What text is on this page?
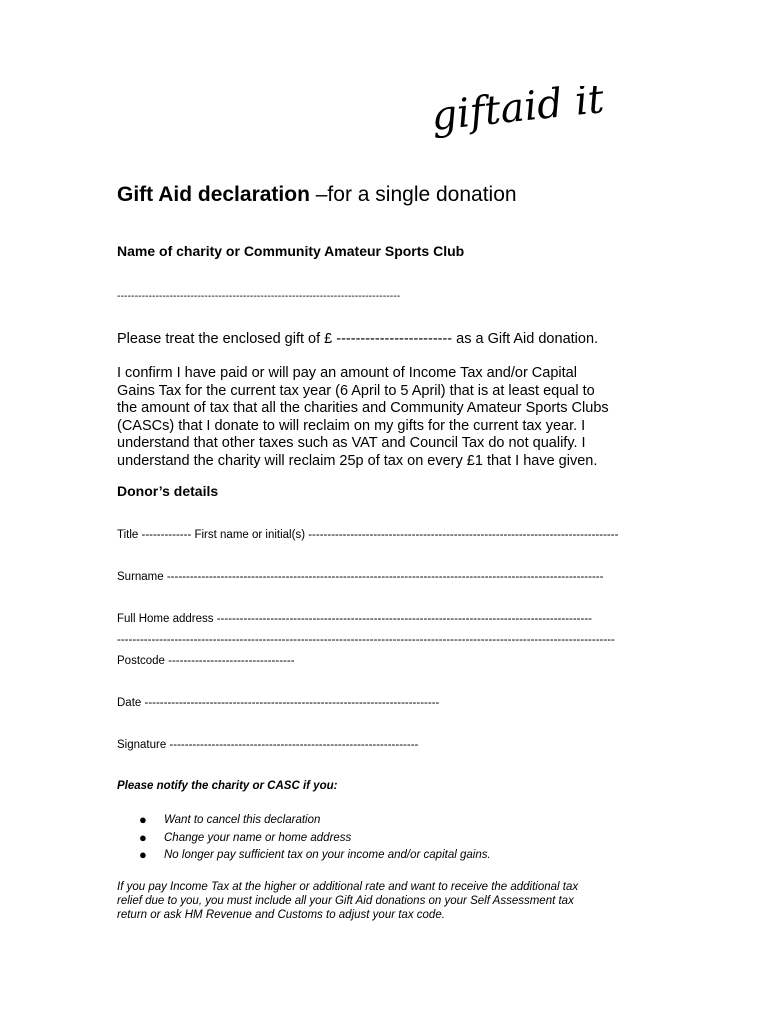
giftaid it
Gift Aid declaration –for a single donation
Name of charity or Community Amateur Sports Club
---------------------------------------------------------------------------------
Please treat the enclosed gift of £ ------------------------ as a Gift Aid donation.
I confirm I have paid or will pay an amount of Income Tax and/or Capital
Gains Tax for the current tax year (6 April to 5 April) that is at least equal to
the amount of tax that all the charities and Community Amateur Sports Clubs
(CASCs) that I donate to will reclaim on my gifts for the current tax year. I
understand that other taxes such as VAT and Council Tax do not qualify. I
understand the charity will reclaim 25p of tax on every £1 that I have given.
Donor’s details
Title ------------- First name or initial(s) ---------------------------------------------------------------------------------
Surname ------------------------------------------------------------------------------------------------------------------
Full Home address --------------------------------------------------------------------------------------------------
----------------------------------------------------------------------------------------------------------------------------------
Postcode ---------------------------------
Date -----------------------------------------------------------------------------
Signature -----------------------------------------------------------------
Please notify the charity or CASC if you:
● Want to cancel this declaration
● Change your name or home address
● No longer pay sufficient tax on your income and/or capital gains.
If you pay Income Tax at the higher or additional rate and want to receive the additional tax
relief due to you, you must include all your Gift Aid donations on your Self Assessment tax
return or ask HM Revenue and Customs to adjust your tax code.
